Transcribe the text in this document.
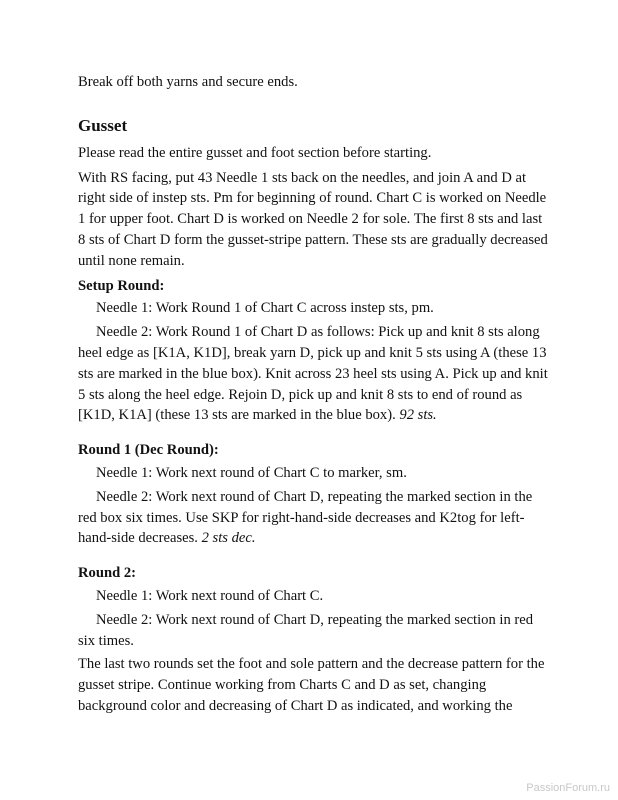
Break off both yarns and secure ends.

Gusset

Please read the entire gusset and foot section before starting.

With RS facing, put 43 Needle 1 sts back on the needles, and join A and D at right side of instep sts. Pm for beginning of round. Chart C is worked on Needle 1 for upper foot. Chart D is worked on Needle 2 for sole. The first 8 sts and last 8 sts of Chart D form the gusset-stripe pattern. These sts are gradually decreased until none remain.

Setup Round:

Needle 1: Work Round 1 of Chart C across instep sts, pm.

Needle 2: Work Round 1 of Chart D as follows: Pick up and knit 8 sts along heel edge as [K1A, K1D], break yarn D, pick up and knit 5 sts using A (these 13 sts are marked in the blue box). Knit across 23 heel sts using A. Pick up and knit 5 sts along the heel edge. Rejoin D, pick up and knit 8 sts to end of round as [K1D, K1A] (these 13 sts are marked in the blue box). 92 sts.

Round 1 (Dec Round):

Needle 1: Work next round of Chart C to marker, sm.

Needle 2: Work next round of Chart D, repeating the marked section in the red box six times. Use SKP for right-hand-side decreases and K2tog for left-hand-side decreases. 2 sts dec.

Round 2:

Needle 1: Work next round of Chart C.

Needle 2: Work next round of Chart D, repeating the marked section in red six times.

The last two rounds set the foot and sole pattern and the decrease pattern for the gusset stripe. Continue working from Charts C and D as set, changing background color and decreasing of Chart D as indicated, and working the

PassionForum.ru
